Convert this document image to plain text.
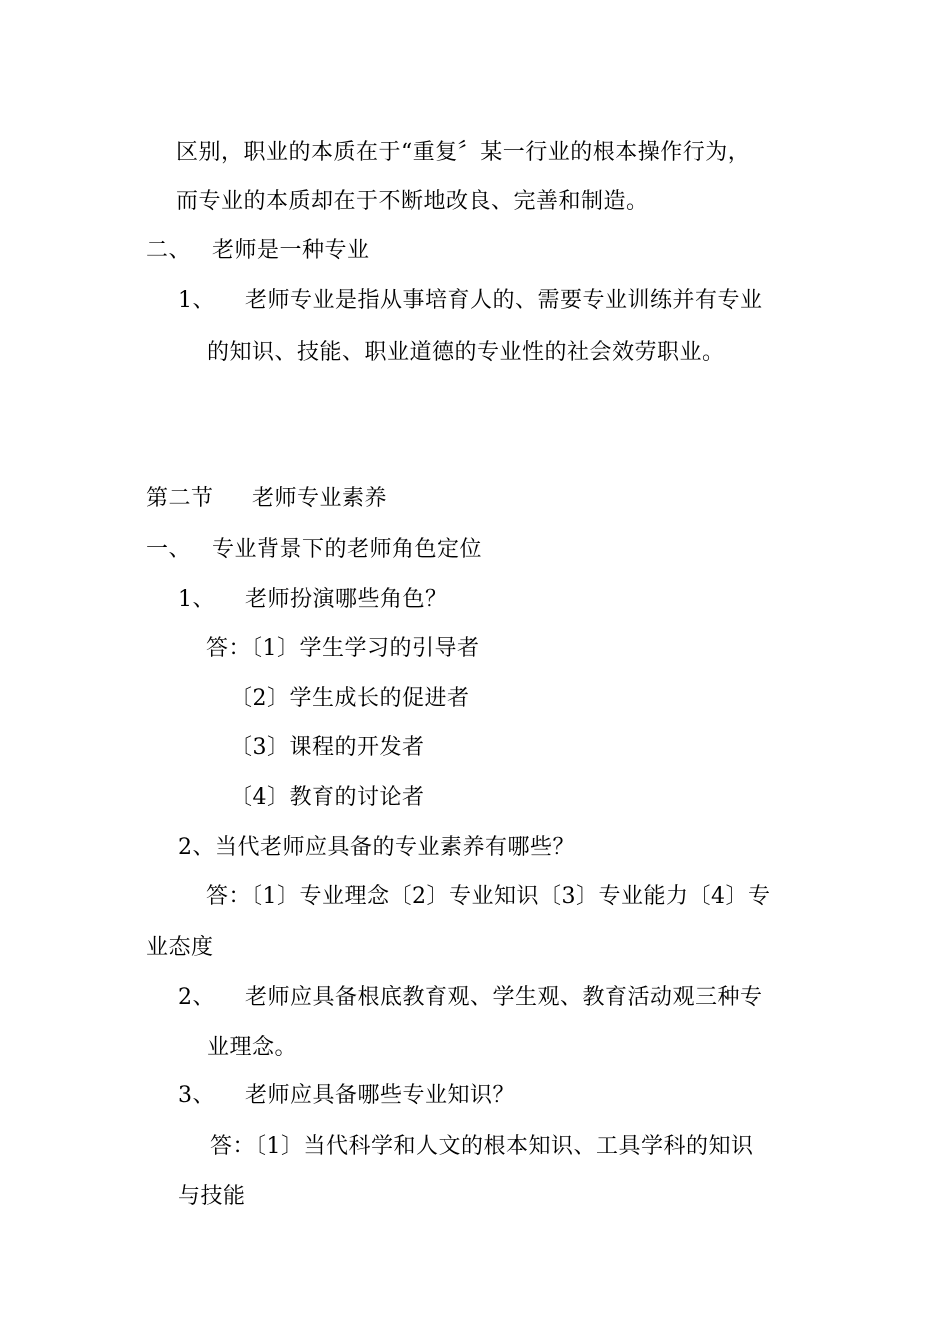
区别，职业的本质在于“重复〞某一行业的根本操作行为，
而专业的本质却在于不断地改良、完善和制造。
二、 老师是一种专业
1、 老师专业是指从事培育人的、需要专业训练并有专业
的知识、技能、职业道德的专业性的社会效劳职业。
第二节 老师专业素养
一、 专业背景下的老师角色定位
1、 老师扮演哪些角色？
答：〔1〕学生学习的引导者
〔2〕学生成长的促进者
〔3〕课程的开发者
〔4〕教育的讨论者
2、当代老师应具备的专业素养有哪些？
答：〔1〕专业理念〔2〕专业知识〔3〕专业能力〔4〕专
业态度
2、 老师应具备根底教育观、学生观、教育活动观三种专
业理念。
3、 老师应具备哪些专业知识？
答：〔1〕当代科学和人文的根本知识、工具学科的知识
与技能
